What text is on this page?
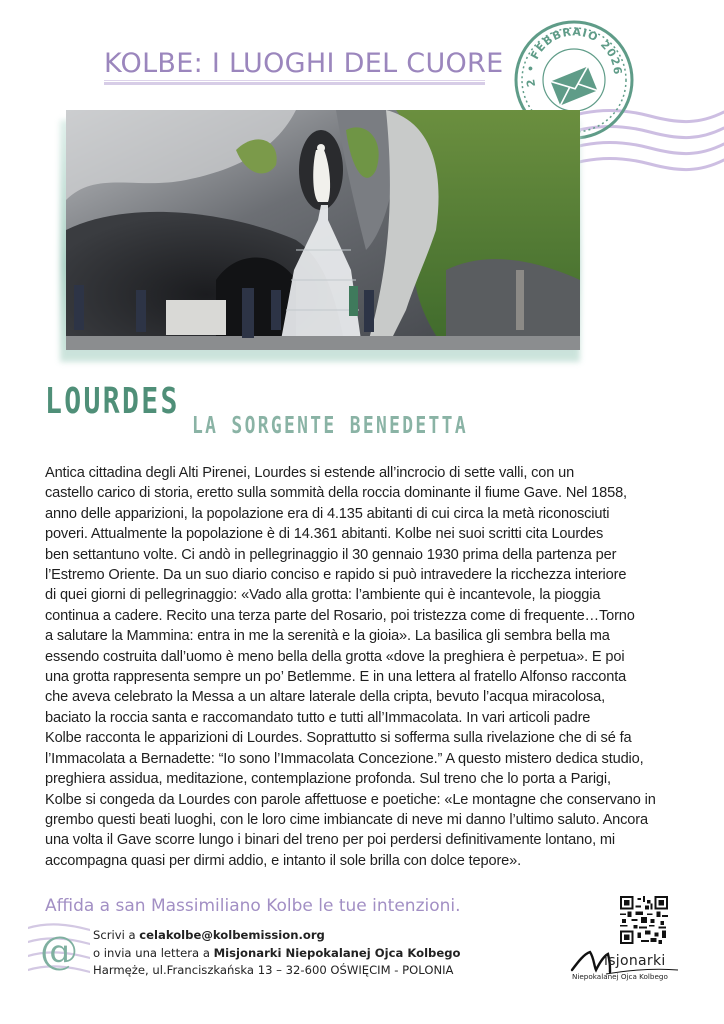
KOLBE: I LUOGHI DEL CUORE
2 • FEBBRAIO 2026
LOURDES
LA SORGENTE BENEDETTA

Antica cittadina degli Alti Pirenei, Lourdes si estende all’incrocio di sette valli, con un

castello carico di storia, eretto sulla sommità della roccia dominante il fiume Gave. Nel 1858,

anno delle apparizioni, la popolazione era di 4.135 abitanti di cui circa la metà riconosciuti

poveri. Attualmente la popolazione è di 14.361 abitanti. Kolbe nei suoi scritti cita Lourdes

ben settantuno volte. Ci andò in pellegrinaggio il 30 gennaio 1930 prima della partenza per

l’Estremo Oriente. Da un suo diario conciso e rapido si può intravedere la ricchezza interiore

di quei giorni di pellegrinaggio: «Vado alla grotta: l’ambiente qui è incantevole, la pioggia

continua a cadere. Recito una terza parte del Rosario, poi tristezza come di frequente…Torno

a salutare la Mammina: entra in me la serenità e la gioia». La basilica gli sembra bella ma

essendo costruita dall’uomo è meno bella della grotta «dove la preghiera è perpetua». E poi

una grotta rappresenta sempre un po’ Betlemme. E in una lettera al fratello Alfonso racconta

che aveva celebrato la Messa a un altare laterale della cripta, bevuto l’acqua miracolosa,

baciato la roccia santa e raccomandato tutto e tutti all’Immacolata. In vari articoli padre

Kolbe racconta le apparizioni di Lourdes. Soprattutto si sofferma sulla rivelazione che di sé fa

l’Immacolata a Bernadette: “Io sono l’Immacolata Concezione.” A questo mistero dedica studio,

preghiera assidua, meditazione, contemplazione profonda. Sul treno che lo porta a Parigi,

Kolbe si congeda da Lourdes con parole affettuose e poetiche: «Le montagne che conservano in

grembo questi beati luoghi, con le loro cime imbiancate di neve mi danno l’ultimo saluto. Ancora

una volta il Gave scorre lungo i binari del treno per poi perdersi definitivamente lontano, mi

accompagna quasi per dirmi addio, e intanto il sole brilla con dolce tepore».

Affida a san Massimiliano Kolbe le tue intenzioni.
@ Scrivi a celakolbe@kolbemission.org
o invia una lettera a Misjonarki Niepokalanej Ojca Kolbego
Harmęże, ul.Franciszkańska 13 – 32-600 OŚWIĘCIM - POLONIA
isjonarki
Niepokalanej Ojca Kolbego
